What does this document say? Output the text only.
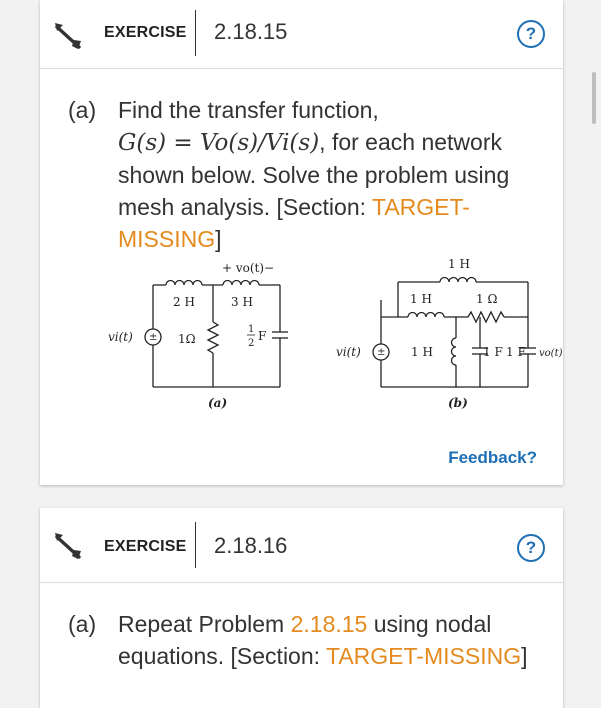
EXERCISE 2.18.15	?
(a) Find the transfer function,
G(s) = Vo(s)/Vi(s), for each network shown below. Solve the problem using mesh analysis. [Section: TARGET-MISSING]
±
±
vi(t)
2 H	3 H
1Ω
+ vo(t)−
1
2
F
(a)
vi(t)
1 H
1 H	1 Ω
1 H	1 F 1 F vo(t)
(b)
Feedback?
EXERCISE 2.18.16	?
(a) Repeat Problem 2.18.15 using nodal equations. [Section: TARGET-MISSING]
